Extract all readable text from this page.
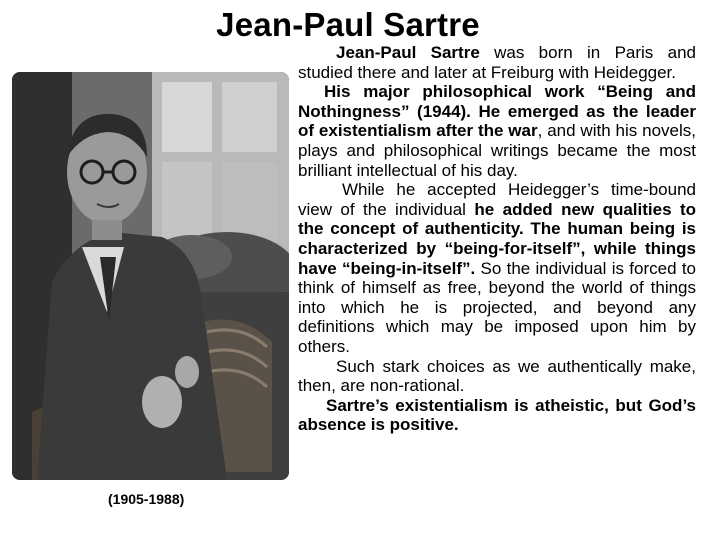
Jean-Paul Sartre

(1905-1988)

Jean-Paul Sartre was born in Paris and studied there and later at Freiburg with Heidegger.

His major philosophical work “Being and Nothingness” (1944). He emerged as the leader of existentialism after the war, and with his novels, plays and philosophical writings became the most brilliant intellectual of his day.

While he accepted Heidegger’s time-bound view of the individual he added new qualities to the concept of authenticity. The human being is characterized by “being-for-itself”, while things have “being-in-itself”. So the individual is forced to think of himself as free, beyond the world of things into which he is projected, and beyond any definitions which may be imposed upon him by others.

Such stark choices as we authentically make, then, are non-rational.

Sartre’s existentialism is atheistic, but God’s absence is positive.
